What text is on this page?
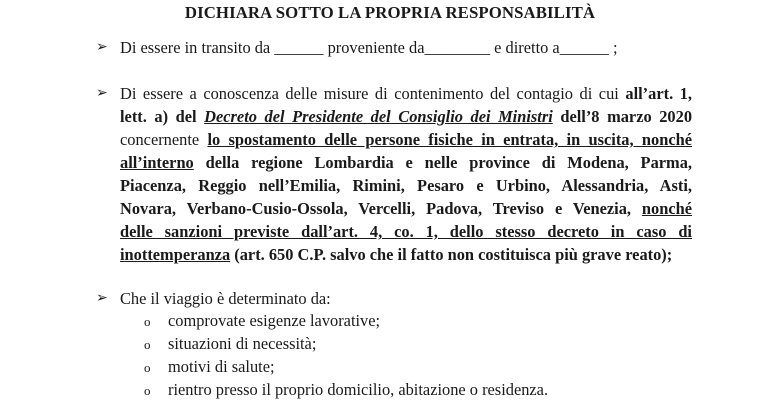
DICHIARA SOTTO LA PROPRIA RESPONSABILITÀ
➢ Di essere in transito da ______ proveniente da________ e diretto a______ ;
➢ Di essere a conoscenza delle misure di contenimento del contagio di cui all’art. 1,
lett. a) del Decreto del Presidente del Consiglio dei Ministri dell’8 marzo 2020
concernente lo spostamento delle persone fisiche in entrata, in uscita, nonché
all’interno della regione Lombardia e nelle province di Modena, Parma,
Piacenza, Reggio nell’Emilia, Rimini, Pesaro e Urbino, Alessandria, Asti,
Novara, Verbano-Cusio-Ossola, Vercelli, Padova, Treviso e Venezia, nonché
delle sanzioni previste dall’art. 4, co. 1, dello stesso decreto in caso di
inottemperanza (art. 650 C.P. salvo che il fatto non costituisca più grave reato);
➢ Che il viaggio è determinato da:
o comprovate esigenze lavorative;
o situazioni di necessità;
o motivi di salute;
o rientro presso il proprio domicilio, abitazione o residenza.
